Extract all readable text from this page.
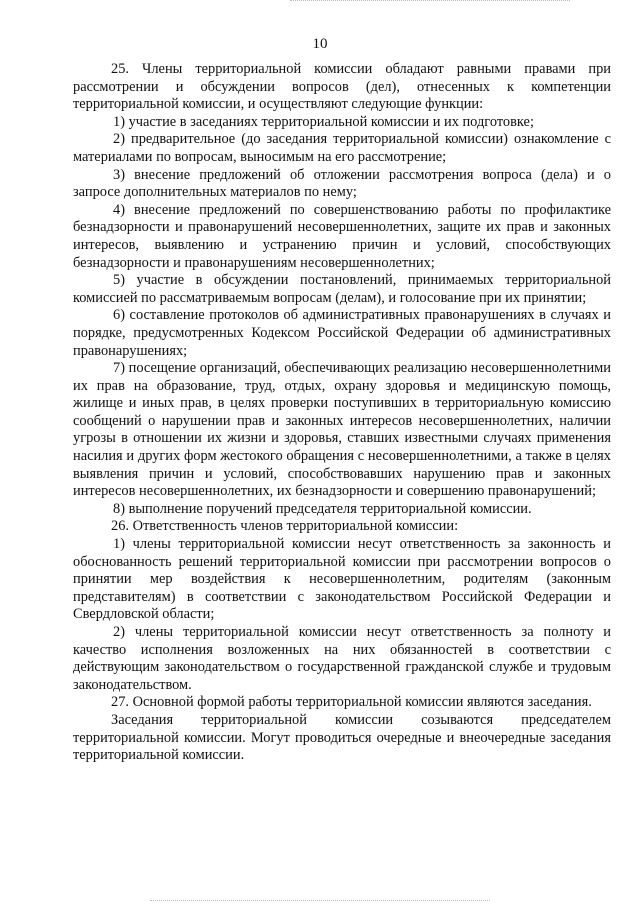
10

25. Члены территориальной комиссии обладают равными правами при рассмотрении и обсуждении вопросов (дел), отнесенных к компетенции территориальной комиссии, и осуществляют следующие функции:

1) участие в заседаниях территориальной комиссии и их подготовке;

2) предварительное (до заседания территориальной комиссии) ознакомление с материалами по вопросам, выносимым на его рассмотрение;

3) внесение предложений об отложении рассмотрения вопроса (дела) и о запросе дополнительных материалов по нему;

4) внесение предложений по совершенствованию работы по профилактике безнадзорности и правонарушений несовершеннолетних, защите их прав и законных интересов, выявлению и устранению причин и условий, способствующих безнадзорности и правонарушениям несовершеннолетних;

5) участие в обсуждении постановлений, принимаемых территориальной комиссией по рассматриваемым вопросам (делам), и голосование при их принятии;

6) составление протоколов об административных правонарушениях в случаях и порядке, предусмотренных Кодексом Российской Федерации об административных правонарушениях;

7) посещение организаций, обеспечивающих реализацию несовершеннолетними их прав на образование, труд, отдых, охрану здоровья и медицинскую помощь, жилище и иных прав, в целях проверки поступивших в территориальную комиссию сообщений о нарушении прав и законных интересов несовершеннолетних, наличии угрозы в отношении их жизни и здоровья, ставших известными случаях применения насилия и других форм жестокого обращения с несовершеннолетними, а также в целях выявления причин и условий, способствовавших нарушению прав и законных интересов несовершеннолетних, их безнадзорности и совершению правонарушений;

8) выполнение поручений председателя территориальной комиссии.

26. Ответственность членов территориальной комиссии:

1) члены территориальной комиссии несут ответственность за законность и обоснованность решений территориальной комиссии при рассмотрении вопросов о принятии мер воздействия к несовершеннолетним, родителям (законным представителям) в соответствии с законодательством Российской Федерации и Свердловской области;

2) члены территориальной комиссии несут ответственность за полноту и качество исполнения возложенных на них обязанностей в соответствии с действующим законодательством о государственной гражданской службе и трудовым законодательством.

27. Основной формой работы территориальной комиссии являются заседания.

Заседания территориальной комиссии созываются председателем территориальной комиссии. Могут проводиться очередные и внеочередные заседания территориальной комиссии.
